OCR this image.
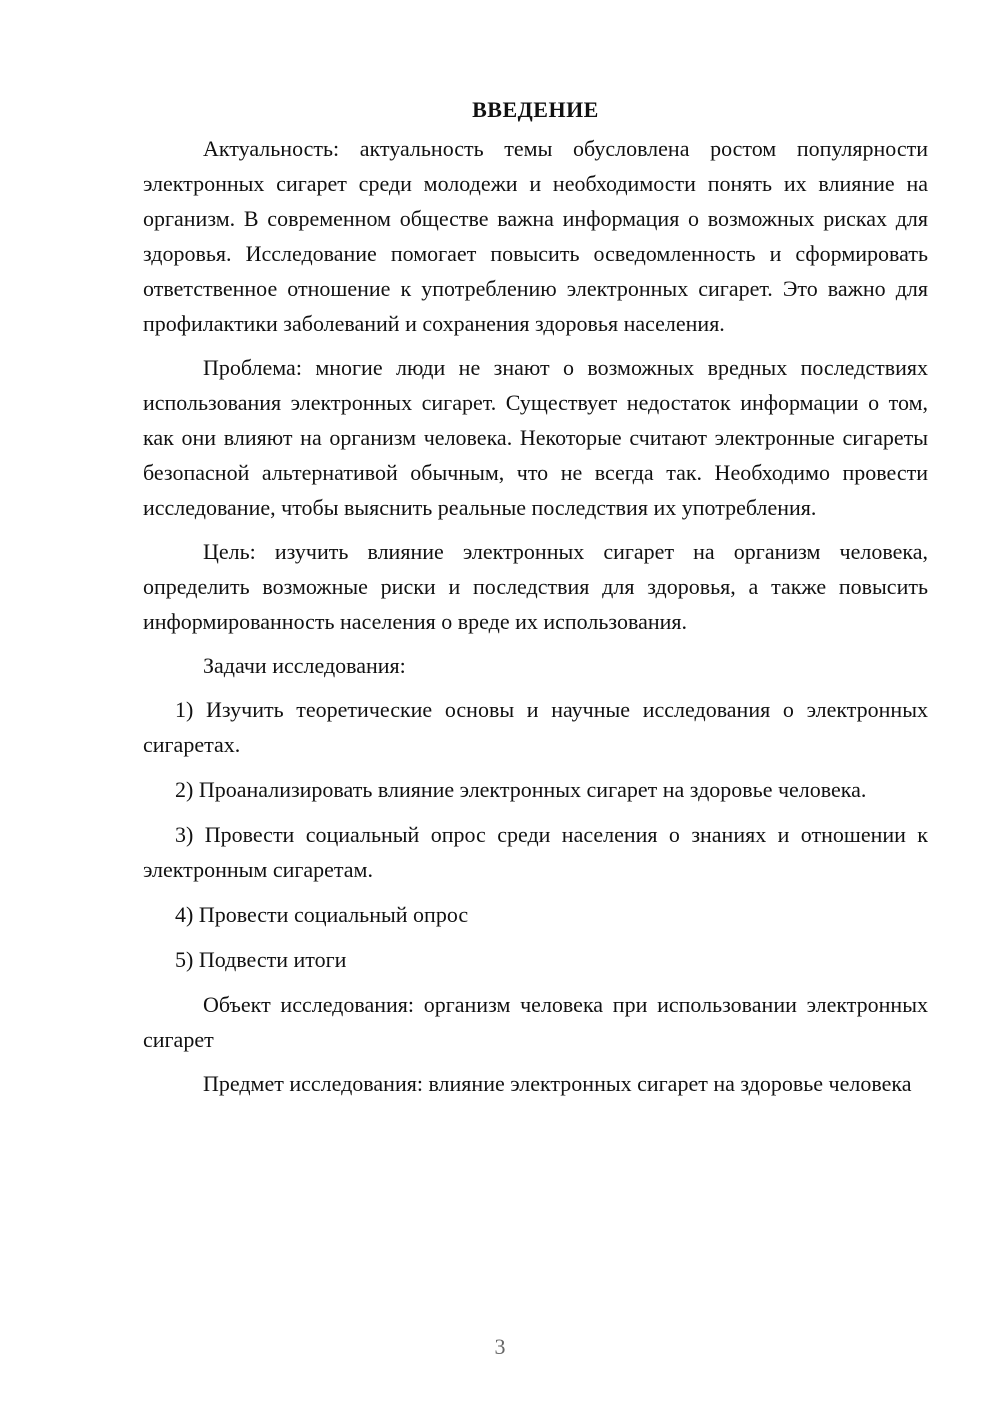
ВВЕДЕНИЕ

Актуальность: актуальность темы обусловлена ростом популярности электронных сигарет среди молодежи и необходимости понять их влияние на организм. В современном обществе важна информация о возможных рисках для здоровья. Исследование помогает повысить осведомленность и сформировать ответственное отношение к употреблению электронных сигарет. Это важно для профилактики заболеваний и сохранения здоровья населения.

Проблема: многие люди не знают о возможных вредных последствиях использования электронных сигарет. Существует недостаток информации о том, как они влияют на организм человека. Некоторые считают электронные сигареты безопасной альтернативой обычным, что не всегда так. Необходимо провести исследование, чтобы выяснить реальные последствия их употребления.

Цель: изучить влияние электронных сигарет на организм человека, определить возможные риски и последствия для здоровья, а также повысить информированность населения о вреде их использования.

Задачи исследования:

1) Изучить теоретические основы и научные исследования о электронных сигаретах.

2) Проанализировать влияние электронных сигарет на здоровье человека.

3) Провести социальный опрос среди населения о знаниях и отношении к электронным сигаретам.

4) Провести социальный опрос

5) Подвести итоги

Объект исследования: организм человека при использовании электронных сигарет

Предмет исследования: влияние электронных сигарет на здоровье человека

3
